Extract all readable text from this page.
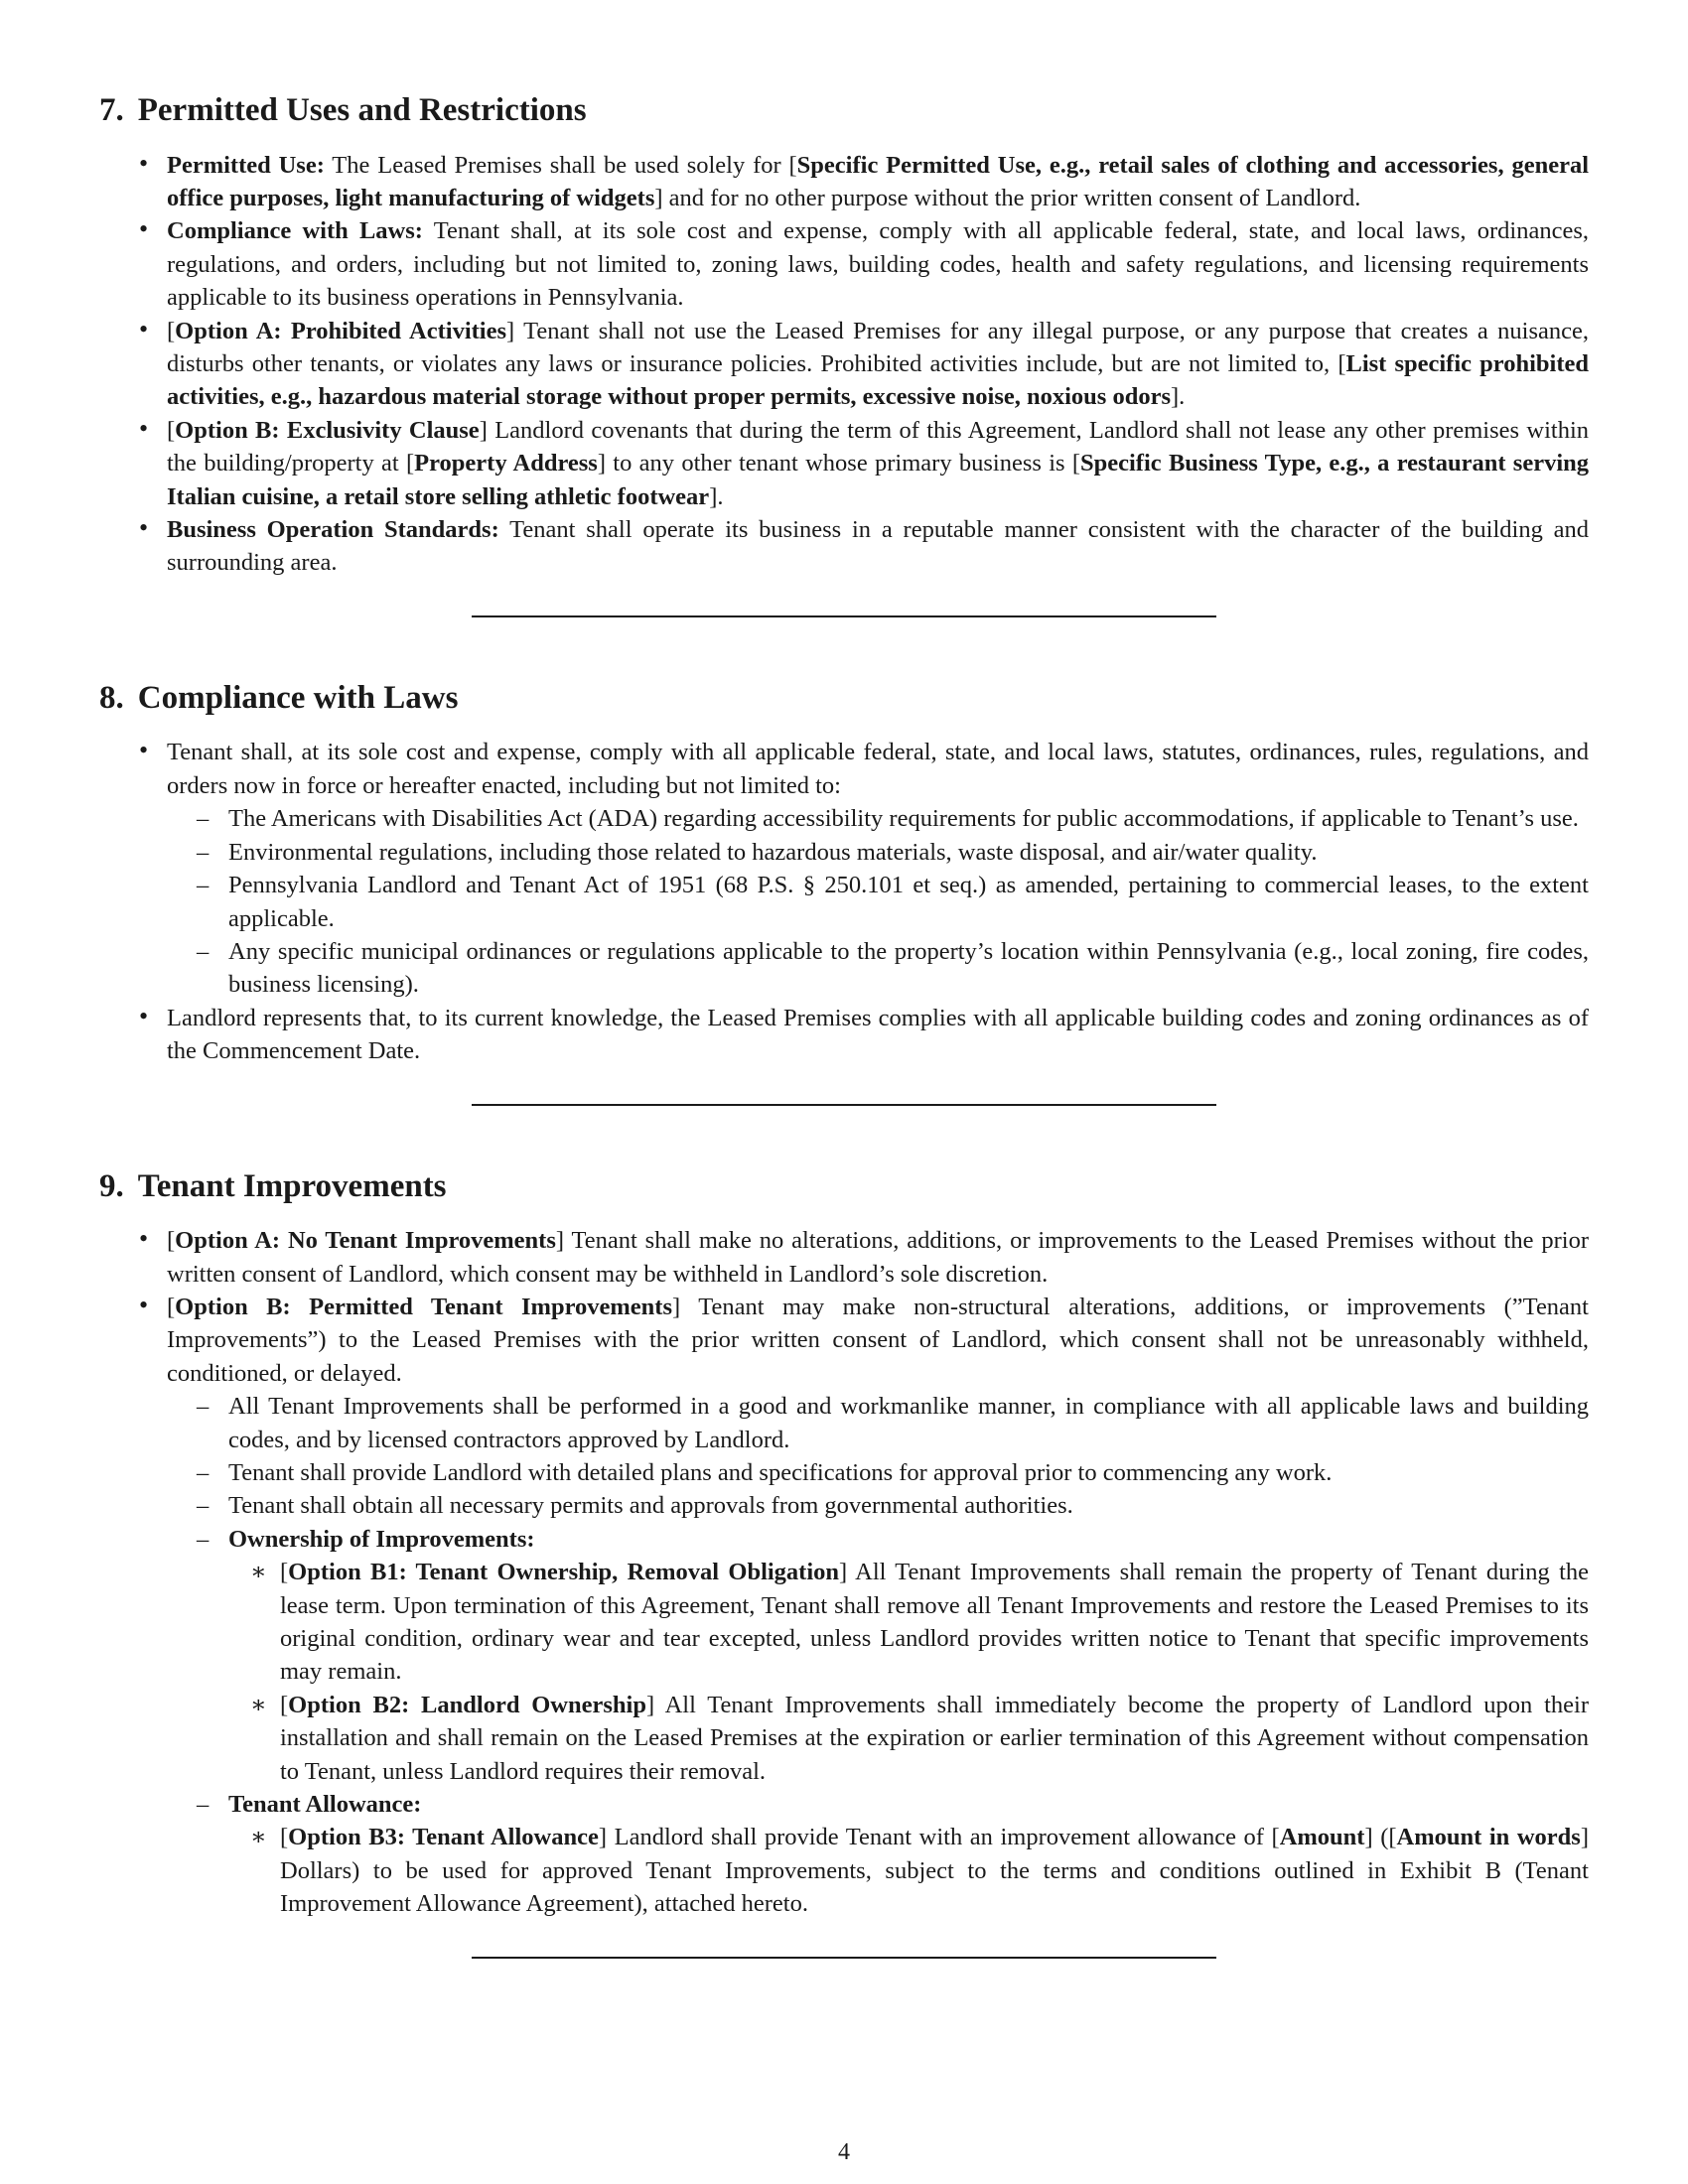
7. Permitted Uses and Restrictions

• Permitted Use: The Leased Premises shall be used solely for [Specific Permitted Use, e.g., retail sales of clothing and accessories, general office purposes, light manufacturing of widgets] and for no other purpose without the prior written consent of Landlord.

• Compliance with Laws: Tenant shall, at its sole cost and expense, comply with all applicable federal, state, and local laws, ordinances, regulations, and orders, including but not limited to, zoning laws, building codes, health and safety regulations, and licensing requirements applicable to its business operations in Pennsylvania.

• [Option A: Prohibited Activities] Tenant shall not use the Leased Premises for any illegal purpose, or any purpose that creates a nuisance, disturbs other tenants, or violates any laws or insurance policies. Prohibited activities include, but are not limited to, [List specific prohibited activities, e.g., hazardous material storage without proper permits, excessive noise, noxious odors].

• [Option B: Exclusivity Clause] Landlord covenants that during the term of this Agreement, Landlord shall not lease any other premises within the building/property at [Property Address] to any other tenant whose primary business is [Specific Business Type, e.g., a restaurant serving Italian cuisine, a retail store selling athletic footwear].

• Business Operation Standards: Tenant shall operate its business in a reputable manner consistent with the character of the building and surrounding area.

8. Compliance with Laws

• Tenant shall, at its sole cost and expense, comply with all applicable federal, state, and local laws, statutes, ordinances, rules, regulations, and orders now in force or hereafter enacted, including but not limited to:

– The Americans with Disabilities Act (ADA) regarding accessibility requirements for public accommodations, if applicable to Tenant’s use.

– Environmental regulations, including those related to hazardous materials, waste disposal, and air/water quality.

– Pennsylvania Landlord and Tenant Act of 1951 (68 P.S. § 250.101 et seq.) as amended, pertaining to commercial leases, to the extent applicable.

– Any specific municipal ordinances or regulations applicable to the property’s location within Pennsylvania (e.g., local zoning, fire codes, business licensing).

• Landlord represents that, to its current knowledge, the Leased Premises complies with all applicable building codes and zoning ordinances as of the Commencement Date.

9. Tenant Improvements

• [Option A: No Tenant Improvements] Tenant shall make no alterations, additions, or improvements to the Leased Premises without the prior written consent of Landlord, which consent may be withheld in Landlord’s sole discretion.

• [Option B: Permitted Tenant Improvements] Tenant may make non-structural alterations, additions, or improvements (”Tenant Improvements”) to the Leased Premises with the prior written consent of Landlord, which consent shall not be unreasonably withheld, conditioned, or delayed.

– All Tenant Improvements shall be performed in a good and workmanlike manner, in compliance with all applicable laws and building codes, and by licensed contractors approved by Landlord.

– Tenant shall provide Landlord with detailed plans and specifications for approval prior to commencing any work.

– Tenant shall obtain all necessary permits and approvals from governmental authorities.

– Ownership of Improvements:

∗ [Option B1: Tenant Ownership, Removal Obligation] All Tenant Improvements shall remain the property of Tenant during the lease term. Upon termination of this Agreement, Tenant shall remove all Tenant Improvements and restore the Leased Premises to its original condition, ordinary wear and tear excepted, unless Landlord provides written notice to Tenant that specific improvements may remain.

∗ [Option B2: Landlord Ownership] All Tenant Improvements shall immediately become the property of Landlord upon their installation and shall remain on the Leased Premises at the expiration or earlier termination of this Agreement without compensation to Tenant, unless Landlord requires their removal.

– Tenant Allowance:

∗ [Option B3: Tenant Allowance] Landlord shall provide Tenant with an improvement allowance of [Amount] ([Amount in words] Dollars) to be used for approved Tenant Improvements, subject to the terms and conditions outlined in Exhibit B (Tenant Improvement Allowance Agreement), attached hereto.

4
